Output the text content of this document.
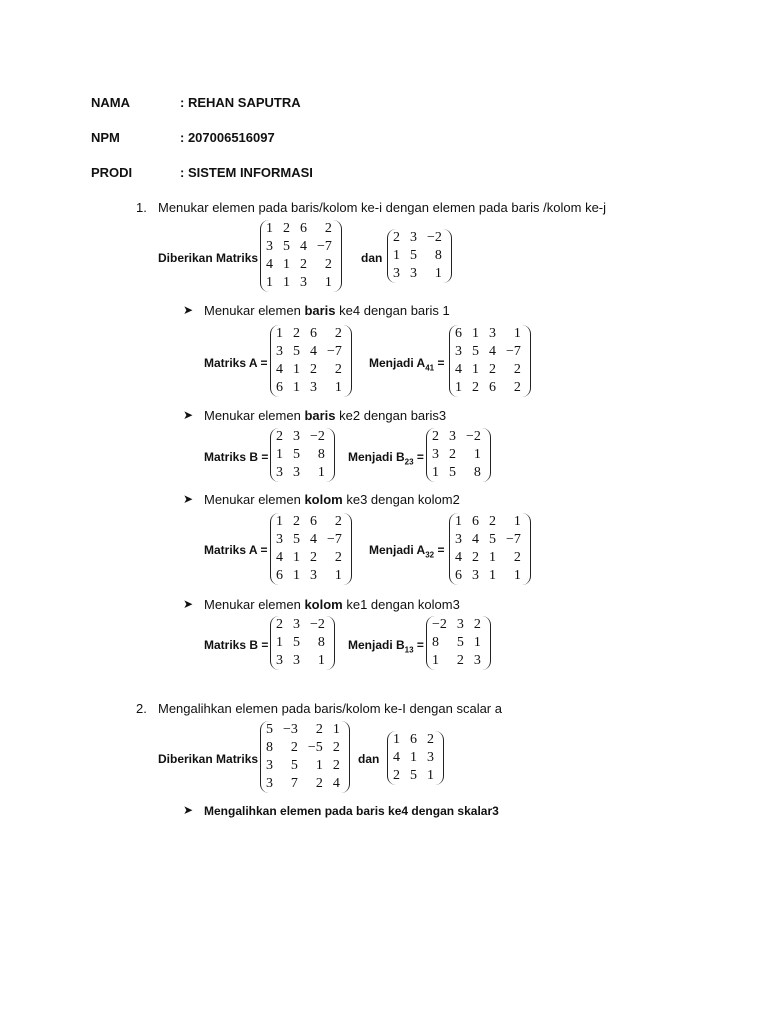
NAMA	: REHAN SAPUTRA
NPM	: 207006516097
PRODI	: SISTEM INFORMASI
1. Menukar elemen pada baris/kolom ke-i dengan elemen pada baris /kolom ke-j
Diberikan Matriks
1	2	6	2
3	5	4	−7
4	1	2	2
1	1	3	1
dan
2	3	−2
1	5	8
3	3	1
➤ Menukar elemen baris ke4 dengan baris 1
Matriks A =
1	2	6	2
3	5	4	−7
4	1	2	2
6	1	3	1
Menjadi $A_{41}$ =
6	1	3	1
3	5	4	−7
4	1	2	2
1	2	6	2
➤ Menukar elemen baris ke2 dengan baris3
Matriks B =
2	3	−2
1	5	8
3	3	1
Menjadi $B_{23}$ =
2	3	−2
3	2	1
1	5	8
➤ Menukar elemen kolom ke3 dengan kolom2
Matriks A =
1	2	6	2
3	5	4	−7
4	1	2	2
6	1	3	1
Menjadi $A_{32}$ =
1	6	2	1
3	4	5	−7
4	2	1	2
6	3	1	1
➤ Menukar elemen kolom ke1 dengan kolom3
Matriks B =
2	3	−2
1	5	8
3	3	1
Menjadi $B_{13}$ =
−2	3	2
8	5	1
1	2	3
2. Mengalihkan elemen pada baris/kolom ke-I dengan scalar a
Diberikan Matriks
5	−3	2	1
8	2	−5	2
3	5	1	2
3	7	2	4
dan
1	6	2
4	1	3
2	5	1
➤ Mengalihkan elemen pada baris ke4 dengan skalar3
